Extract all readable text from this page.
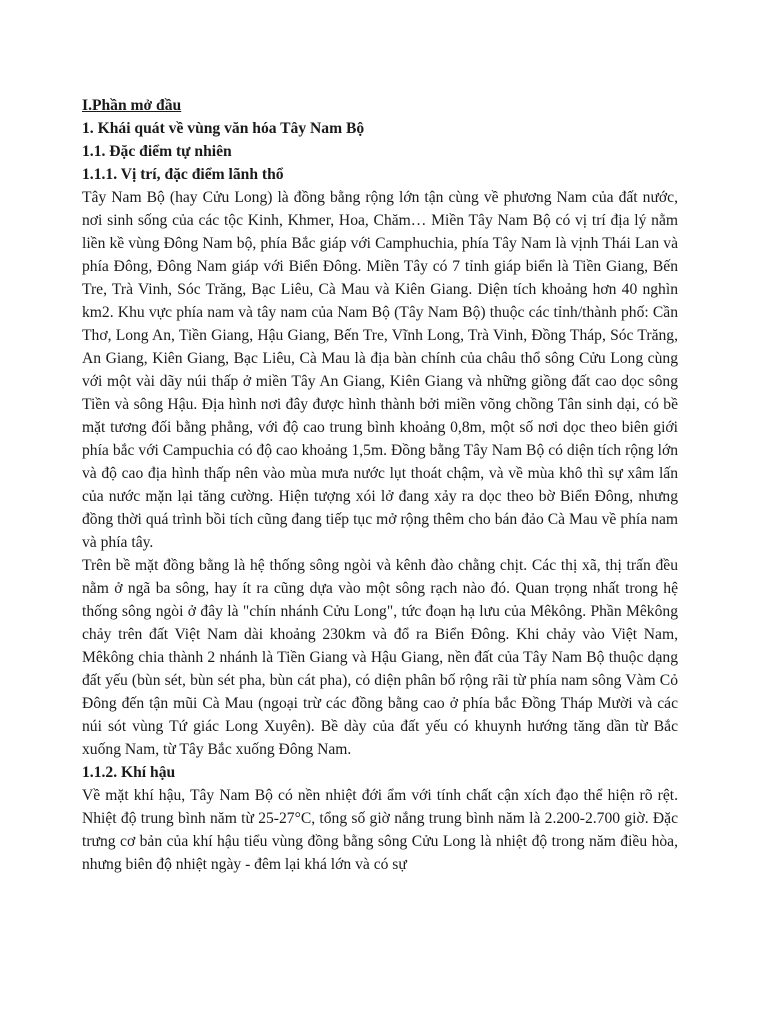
I.Phần mở đầu

1. Khái quát về vùng văn hóa Tây Nam Bộ

1.1. Đặc điểm tự nhiên

1.1.1. Vị trí, đặc điểm lãnh thổ

Tây Nam Bộ (hay Cửu Long) là đồng bằng rộng lớn tận cùng về phương Nam của đất nước, nơi sinh sống của các tộc Kinh, Khmer, Hoa, Chăm… Miền Tây Nam Bộ có vị trí địa lý nằm liền kề vùng Đông Nam bộ, phía Bắc giáp với Camphuchia, phía Tây Nam là vịnh Thái Lan và phía Đông, Đông Nam giáp với Biển Đông. Miền Tây có 7 tỉnh giáp biển là Tiền Giang, Bến Tre, Trà Vinh, Sóc Trăng, Bạc Liêu, Cà Mau và Kiên Giang. Diện tích khoảng hơn 40 nghìn km2. Khu vực phía nam và tây nam của Nam Bộ (Tây Nam Bộ) thuộc các tỉnh/thành phố: Cần Thơ, Long An, Tiền Giang, Hậu Giang, Bến Tre, Vĩnh Long, Trà Vinh, Đồng Tháp, Sóc Trăng, An Giang, Kiên Giang, Bạc Liêu, Cà Mau là địa bàn chính của châu thổ sông Cửu Long cùng với một vài dãy núi thấp ở miền Tây An Giang, Kiên Giang và những giồng đất cao dọc sông Tiền và sông Hậu. Địa hình nơi đây được hình thành bởi miền võng chồng Tân sinh dại, có bề mặt tương đối bằng phẳng, với độ cao trung bình khoảng 0,8m, một số nơi dọc theo biên giới phía bắc với Campuchia có độ cao khoảng 1,5m. Đồng bằng Tây Nam Bộ có diện tích rộng lớn và độ cao địa hình thấp nên vào mùa mưa nước lụt thoát chậm, và về mùa khô thì sự xâm lấn của nước mặn lại tăng cường. Hiện tượng xói lở đang xảy ra dọc theo bờ Biển Đông, nhưng đồng thời quá trình bồi tích cũng đang tiếp tục mở rộng thêm cho bán đảo Cà Mau về phía nam và phía tây.

Trên bề mặt đồng bằng là hệ thống sông ngòi và kênh đào chằng chịt. Các thị xã, thị trấn đều nằm ở ngã ba sông, hay ít ra cũng dựa vào một sông rạch nào đó. Quan trọng nhất trong hệ thống sông ngòi ở đây là "chín nhánh Cửu Long", tức đoạn hạ lưu của Mêkông. Phần Mêkông chảy trên đất Việt Nam dài khoảng 230km và đổ ra Biển Đông. Khi chảy vào Việt Nam, Mêkông chia thành 2 nhánh là Tiền Giang và Hậu Giang, nền đất của Tây Nam Bộ thuộc dạng đất yếu (bùn sét, bùn sét pha, bùn cát pha), có diện phân bố rộng rãi từ phía nam sông Vàm Cỏ Đông đến tận mũi Cà Mau (ngoại trừ các đồng bằng cao ở phía bắc Đồng Tháp Mười và các núi sót vùng Tứ giác Long Xuyên). Bề dày của đất yếu có khuynh hướng tăng dần từ Bắc xuống Nam, từ Tây Bắc xuống Đông Nam.

1.1.2. Khí hậu

Về mặt khí hậu, Tây Nam Bộ có nền nhiệt đới ẩm với tính chất cận xích đạo thể hiện rõ rệt. Nhiệt độ trung bình năm từ 25-27°C, tổng số giờ nắng trung bình năm là 2.200-2.700 giờ. Đặc trưng cơ bản của khí hậu tiểu vùng đồng bằng sông Cửu Long là nhiệt độ trong năm điều hòa, nhưng biên độ nhiệt ngày - đêm lại khá lớn và có sự
